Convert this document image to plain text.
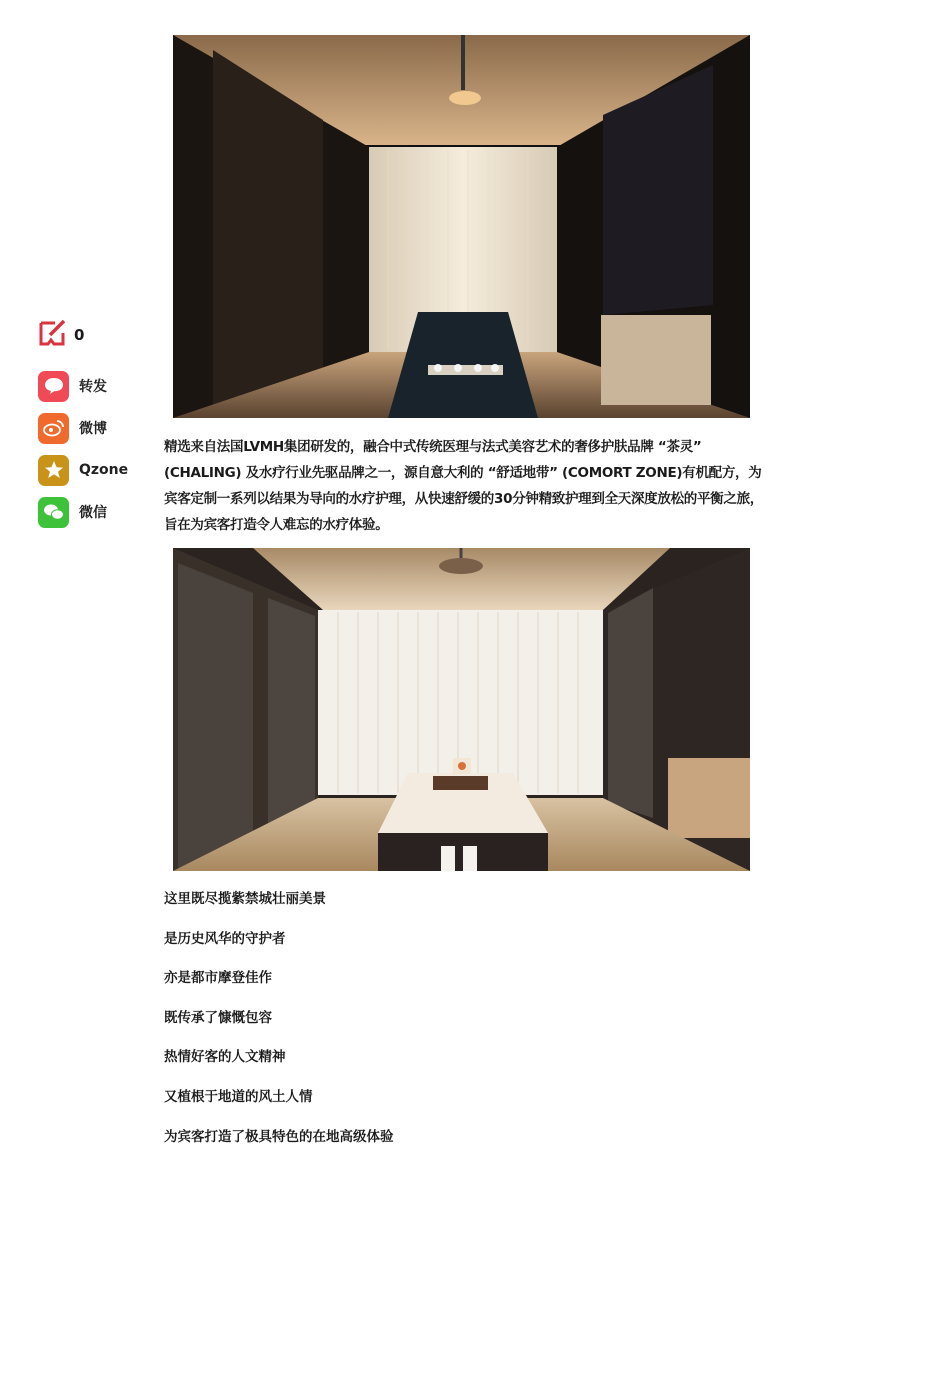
0
转发
微博
Qzone
微信
精选来自法国LVMH集团研发的，融合中式传统医理与法式美容艺术的奢侈护肤品牌 “茶灵” (CHALING) 及水疗行业先驱品牌之一，源自意大利的 “舒适地带” (COMORT ZONE)有机配方，为宾客定制一系列以结果为导向的水疗护理，从快速舒缓的30分钟精致护理到全天深度放松的平衡之旅，旨在为宾客打造令人难忘的水疗体验。
这里既尽揽紫禁城壮丽美景
是历史风华的守护者
亦是都市摩登佳作
既传承了慷慨包容
热情好客的人文精神
又植根于地道的风土人情
为宾客打造了极具特色的在地高级体验
